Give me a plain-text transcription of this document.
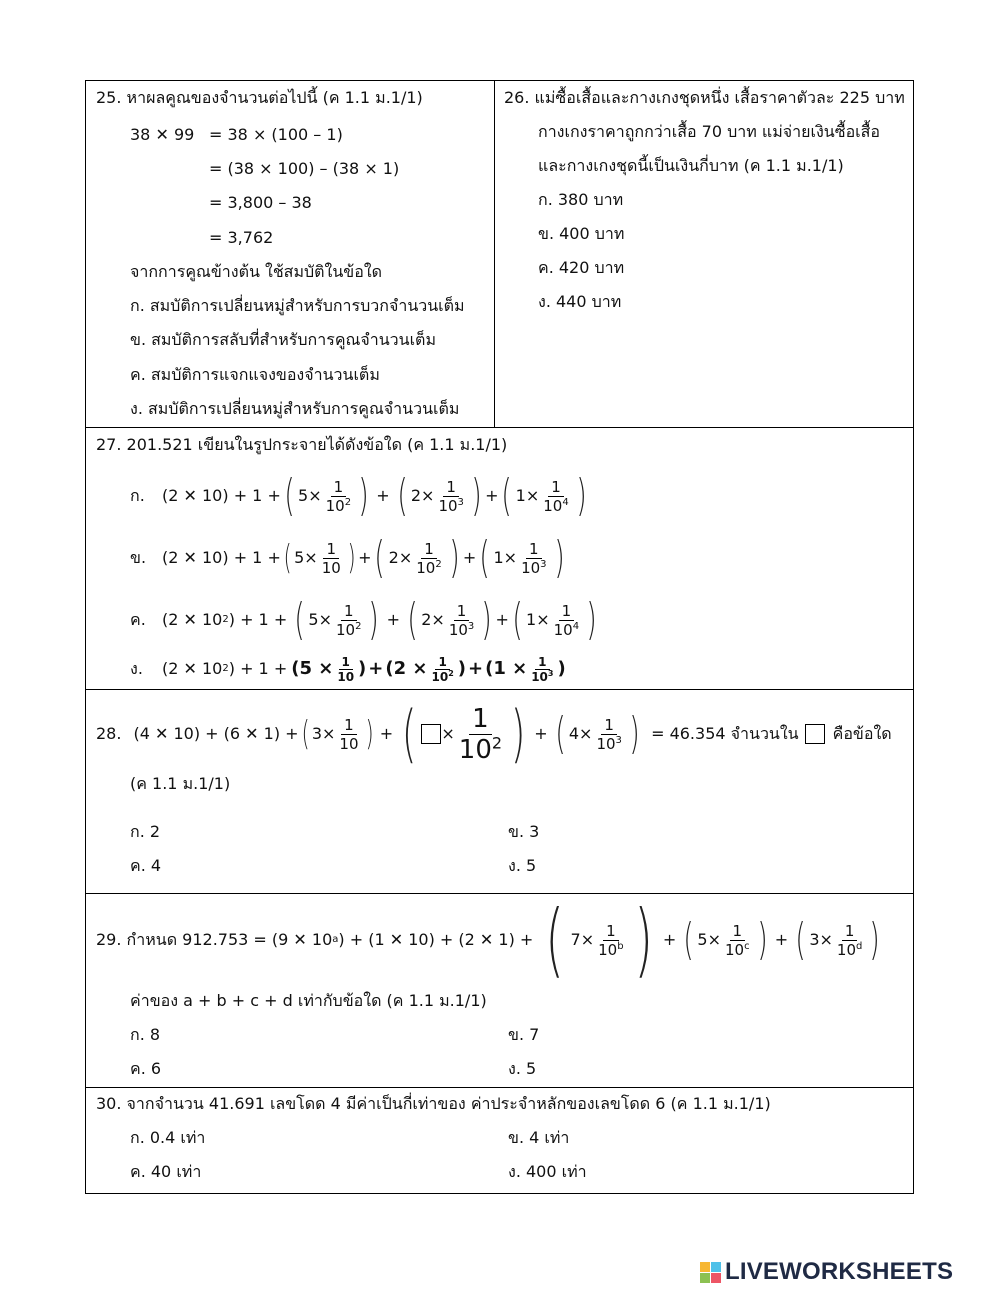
25. หาผลคูณของจำนวนต่อไปนี้ (ค 1.1 ม.1/1)
38 ✕ 99 = 38 × (100 – 1)
= (38 × 100) – (38 × 1)
= 3,800 – 38
= 3,762
จากการคูณข้างต้น ใช้สมบัติในข้อใด
ก. สมบัติการเปลี่ยนหมู่สำหรับการบวกจำนวนเต็ม
ข. สมบัติการสลับที่สำหรับการคูณจำนวนเต็ม
ค. สมบัติการแจกแจงของจำนวนเต็ม
ง. สมบัติการเปลี่ยนหมู่สำหรับการคูณจำนวนเต็ม
26. แม่ซื้อเสื้อและกางเกงชุดหนึ่ง เสื้อราคาตัวละ 225 บาท
กางเกงราคาถูกกว่าเสื้อ 70 บาท แม่จ่ายเงินซื้อเสื้อ
และกางเกงชุดนี้เป็นเงินกี่บาท (ค 1.1 ม.1/1)
ก. 380 บาท
ข. 400 บาท
ค. 420 บาท
ง. 440 บาท
27. 201.521 เขียนในรูปกระจายได้ดังข้อใด (ค 1.1 ม.1/1)
ก.	(2 ✕ 10) + 1 + ( $5\times \frac{1}{10^2}$ ) + ( $2\times \frac{1}{10^3}$ ) + ( $1\times \frac{1}{10^4}$ )
ข. (2 ✕ 10) + 1 + ( $5\times \frac{1}{10}$ ) + ( $2\times \frac{1}{10^2}$ ) + ( $1\times \frac{1}{10^3}$ )
ค.	(2 ✕ 10 2 ) + 1 + ( $5\times \frac{1}{10^2}$ ) + ( $2\times \frac{1}{10^3}$ ) + ( $1\times \frac{1}{10^4}$ )
ง.	(2 ✕ 10 2 ) + $1 + (5 \times \frac{1}{10}$ ) + ($2 \times \frac{1}{10^2}$ ) + ($1 \times \frac{1}{10^3}$ )
28. (4 ✕ 10) + (6 ✕ 1) + ( $3\times \frac{1}{10}$ ) + ( × $\frac{1}{10^2}$ ) + ( $4\times \frac{1}{10^3}$ ) = 46.354 จำนวนใน คือข้อใด
(ค 1.1 ม.1/1)
ก. 2	ข. 3
ค. 4	ง. 5
29. กำหนด 912.753 = (9 ✕ 10 a ) + (1 ✕ 10) + (2 ✕ 1) + ( $7\times \frac{1}{10^b}$ ) + ( $5\times \frac{1}{10^c}$ ) + ( $3\times \frac{1}{10^d}$ )
ค่าของ a + b + c + d เท่ากับข้อใด (ค 1.1 ม.1/1)
ก. 8	ข. 7
ค. 6	ง. 5
30. จากจำนวน 41.691 เลขโดด 4 มีค่าเป็นกี่เท่าของ ค่าประจำหลักของเลขโดด 6 (ค 1.1 ม.1/1)
ก. 0.4 เท่า	ข. 4 เท่า
ค. 40 เท่า	ง. 400 เท่า
LIVEWORKSHEETS
